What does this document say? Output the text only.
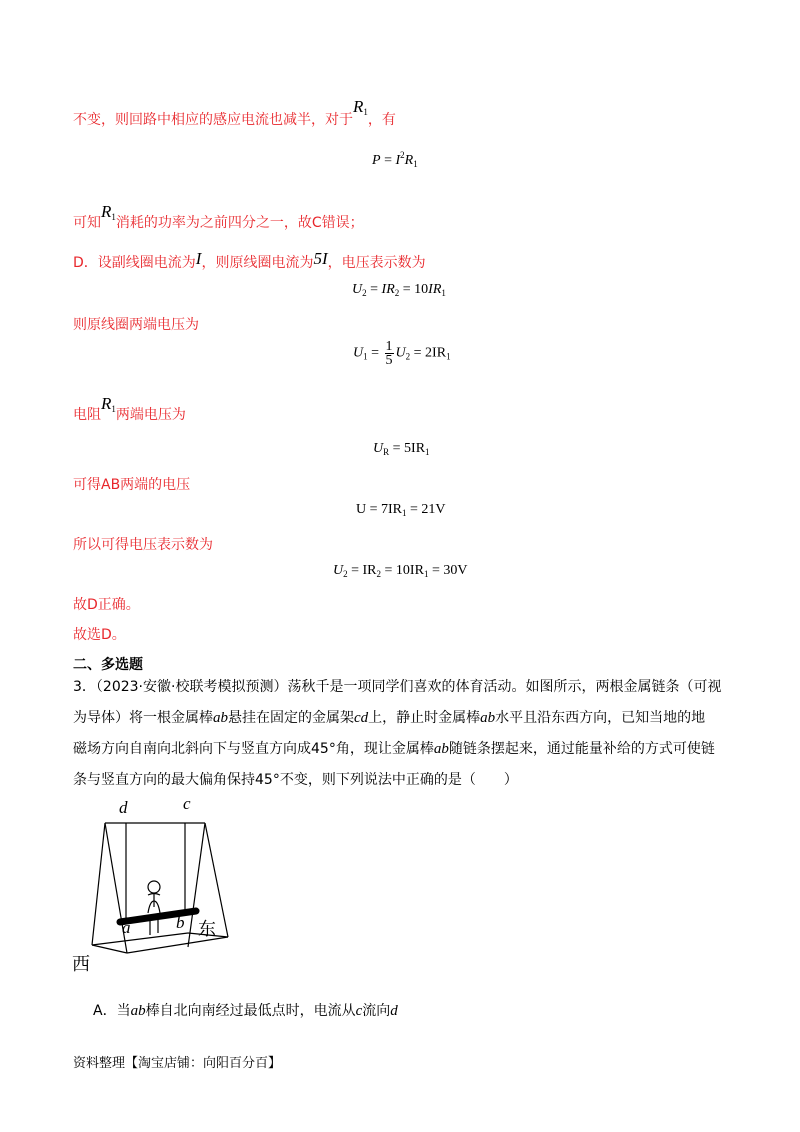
不变，则回路中相应的感应电流也减半，对于$R_1$，有
$P = I^2R_1$
可知$R_1$消耗的功率为之前四分之一，故C错误；
D．设副线圈电流为I，则原线圈电流为5I，电压表示数为
$U_2 = IR_2 = 10IR_1$
则原线圈两端电压为
$U_1 = \frac{1}{5} U_2 = 2IR_1$
电阻$R_1$两端电压为
$U_R = 5IR_1$
可得AB两端的电压
$U = 7IR_1 = 21V$
所以可得电压表示数为
$U_2 = IR_2 = 10IR_1 = 30V$
故D正确。
故选D。
二、多选题
3．（2023·安徽·校联考模拟预测）荡秋千是一项同学们喜欢的体育活动。如图所示，两根金属链条（可视
为导体）将一根金属棒ab悬挂在固定的金属架cd上，静止时金属棒ab水平且沿东西方向，已知当地的地
磁场方向自南向北斜向下与竖直方向成45°角，现让金属棒ab随链条摆起来，通过能量补给的方式可使链
条与竖直方向的最大偏角保持45°不变，则下列说法中正确的是（　　）
d	c
a	b 东
西
A．当ab棒自北向南经过最低点时，电流从c流向d
资料整理【淘宝店铺：向阳百分百】
